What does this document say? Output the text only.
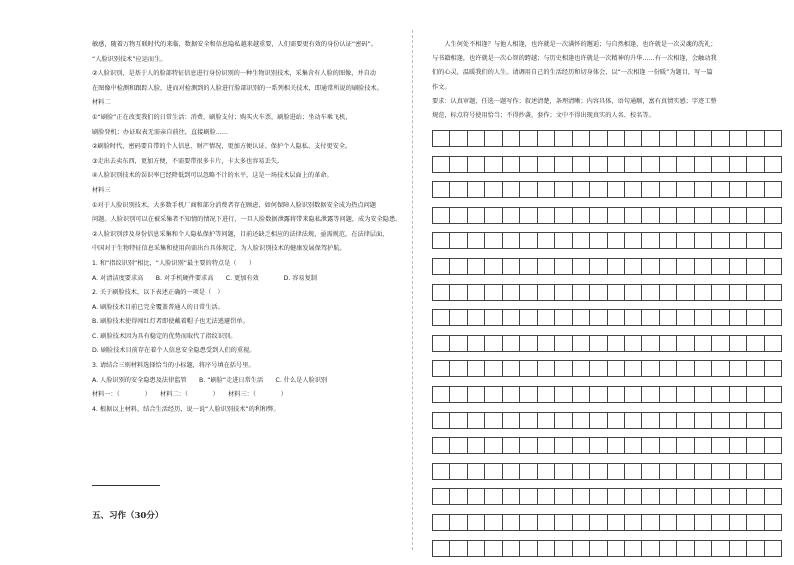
敏感，随着万物互联时代的来临，数据安全和信息隐私越来越重要，人们需要更有效的身份认证“密码”。

“人脸识别技术”应运而生。

②人脸识别，是基于人的脸部特征信息进行身份识别的一种生物识别技术，采集含有人脸的图像，并自动

在图像中检测和跟踪人脸，进而对检测到的人脸进行脸部识别的一系列相关技术，即通常所说的刷脸技术。

材料二

①“刷脸”正在改变我们的日常生活：消费，刷脸支付；购买火车票，刷脸进站；坐动车乘飞机，

刷脸登机；办证取表无需亲自前往，直接刷脸……

②刷脸时代，密码要自带的个人信息、财产情况，更加方便认证、保护个人隐私、支付更安全。

③走出去卖东西，更加方便，不需要带很多卡片，卡太多也容易丢失。

④人脸识别技术的误识率已经降低到可以忽略不计的水平，这是一场技术层面上的革命。

材料三

①对于人脸识别技术，大多数手机厂商和部分消费者存在顾虑，如何保障人脸识别数据安全成为热点问题

问题。人脸识别可以在被采集者不知情的情况下进行，一旦人脸数据泄露将带来隐私泄露等问题，成为安全隐患。

②人脸识别涉及身份信息采集和个人隐私保护等问题，目前还缺乏相应的法律法规，亟需规范，在法律层面，

中国对于生物特征信息采集和使用尚需出台具体规定，为人脸识别技术的健康发展保驾护航。

1. 和“指纹识别”相比，“人脸识别”最主要的特点是（　　）

A. 对清洁度要求高　　B. 对手机硬件要求高　　C. 更加有效　　　　D. 容易复制

2. 关于刷脸技术，以下表述正确的一项是（　）

A. 刷脸技术目前已完全覆盖普通人的日常生活。

B. 刷脸技术使得闯红灯者即使戴着帽子也无法逃避罚单。

C. 刷脸技术因为具有稳定的优势而取代了指纹识别。

D. 刷脸技术目前存在着个人信息安全隐患受到人们的重视。

3. 请结合三则材料选择恰当的小标题，将序号填在括号里。

A. 人脸识别的安全隐患及法律监管　　B. “刷脸”走进日常生活　　C. 什么是人脸识别

材料一：（　　　　）　　材料二：（　　　　）　　材料三：（　　　　）

4. 根据以上材料，结合生活经历，说一说“人脸识别技术”的利和弊。

五、习作（30分）

　　人生何处不相逢？与他人相逢，也许就是一次满怀的邂逅；与自然相逢，也许就是一次灵魂的洗礼；

与书籍相逢，也许就是一次心智的跨越；与历史相逢也许就是一次精神的升华……有一次相逢，会触动我

们的心灵，温暖我们的人生。请调用自己的生活经历和切身体会，以“一次相逢 一份暖”为题目，写一篇

作文。

要求：认真审题，任选一题写作；叙述清楚，条理清晰；内容具体，语句通顺，富有真情实感；字迹工整

规范，标点符号使用恰当；不得抄袭、套作；文中不得出现真实的人名、校名等。
